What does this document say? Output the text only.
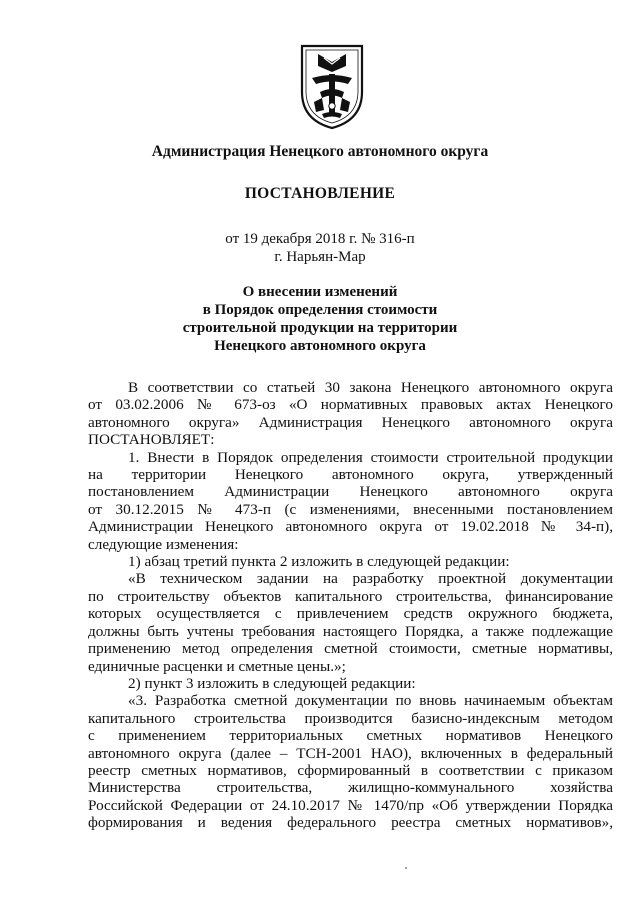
Администрация Ненецкого автономного округа
ПОСТАНОВЛЕНИЕ
от 19 декабря 2018 г. № 316-п
г. Нарьян-Мар
О внесении изменений
в Порядок определения стоимости
строительной продукции на территории
Ненецкого автономного округа
В соответствии со статьей 30 закона Ненецкого автономного округа
от 03.02.2006 № 673-оз «О нормативных правовых актах Ненецкого
автономного округа» Администрация Ненецкого автономного округа
ПОСТАНОВЛЯЕТ:
1. Внести в Порядок определения стоимости строительной продукции
на территории Ненецкого автономного округа, утвержденный
постановлением Администрации Ненецкого автономного округа
от 30.12.2015 № 473-п (с изменениями, внесенными постановлением
Администрации Ненецкого автономного округа от 19.02.2018 № 34-п),
следующие изменения:
1) абзац третий пункта 2 изложить в следующей редакции:
«В техническом задании на разработку проектной документации
по строительству объектов капитального строительства, финансирование
которых осуществляется с привлечением средств окружного бюджета,
должны быть учтены требования настоящего Порядка, а также подлежащие
применению метод определения сметной стоимости, сметные нормативы,
единичные расценки и сметные цены.»;
2) пункт 3 изложить в следующей редакции:
«3. Разработка сметной документации по вновь начинаемым объектам
капитального строительства производится базисно-индексным методом
с применением территориальных сметных нормативов Ненецкого
автономного округа (далее – ТСН-2001 НАО), включенных в федеральный
реестр сметных нормативов, сформированный в соответствии с приказом
Министерства строительства, жилищно-коммунального хозяйства
Российской Федерации от 24.10.2017 № 1470/пр «Об утверждении Порядка
формирования и ведения федерального реестра сметных нормативов»,
